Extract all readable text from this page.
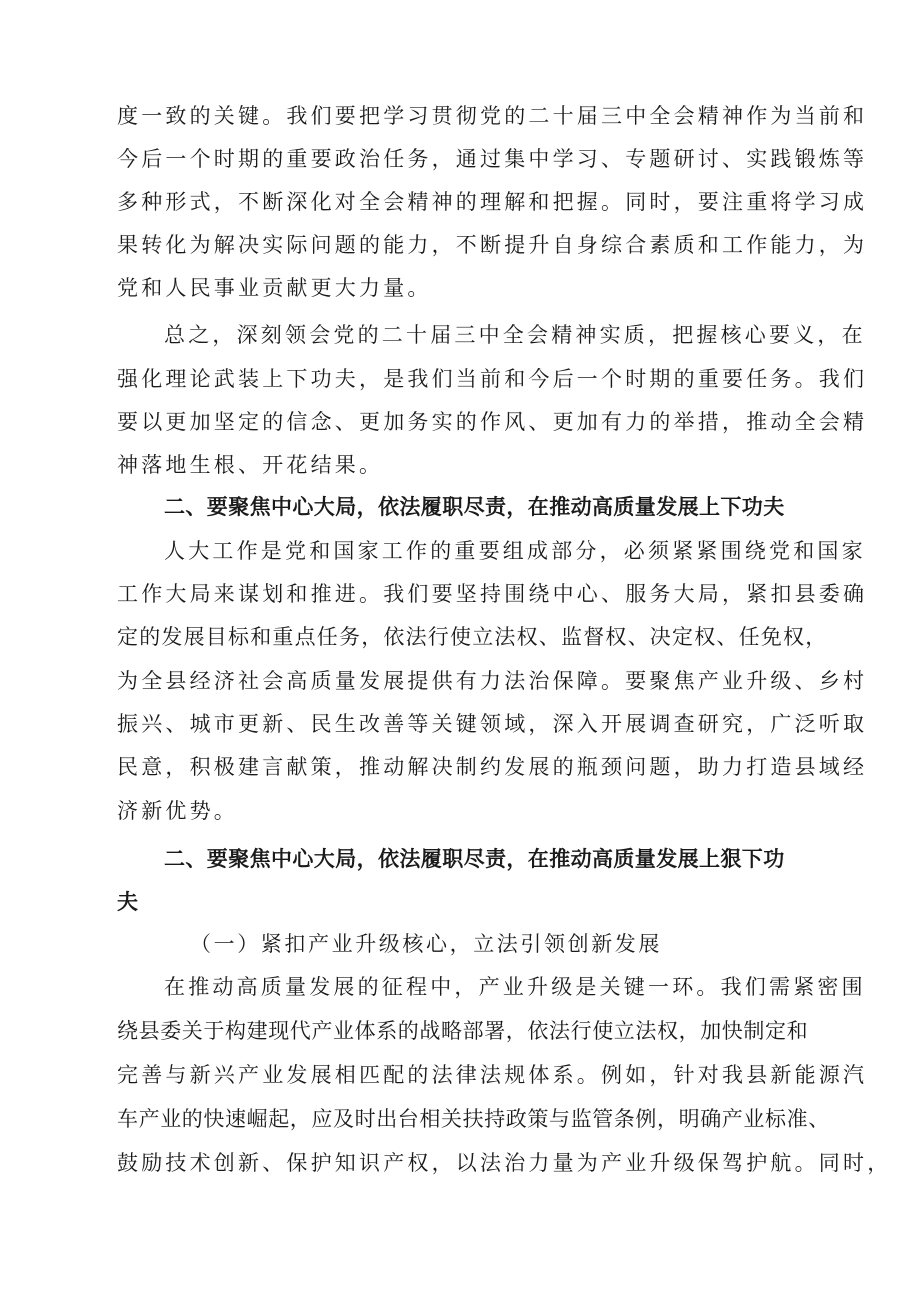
度一致的关键。我们要把学习贯彻党的二十届三中全会精神作为当前和
今后一个时期的重要政治任务，通过集中学习、专题研讨、实践锻炼等
多种形式，不断深化对全会精神的理解和把握。同时，要注重将学习成
果转化为解决实际问题的能力，不断提升自身综合素质和工作能力，为
党和人民事业贡献更大力量。
总之，深刻领会党的二十届三中全会精神实质，把握核心要义，在
强化理论武装上下功夫，是我们当前和今后一个时期的重要任务。我们
要以更加坚定的信念、更加务实的作风、更加有力的举措，推动全会精
神落地生根、开花结果。
二、要聚焦中心大局，依法履职尽责，在推动高质量发展上下功夫
人大工作是党和国家工作的重要组成部分，必须紧紧围绕党和国家
工作大局来谋划和推进。我们要坚持围绕中心、服务大局，紧扣县委确
定的发展目标和重点任务，依法行使立法权、监督权、决定权、任免权，
为全县经济社会高质量发展提供有力法治保障。要聚焦产业升级、乡村
振兴、城市更新、民生改善等关键领域，深入开展调查研究，广泛听取
民意，积极建言献策，推动解决制约发展的瓶颈问题，助力打造县域经
济新优势。
二、要聚焦中心大局，依法履职尽责，在推动高质量发展上狠下功
夫
（一）紧扣产业升级核心，立法引领创新发展
在推动高质量发展的征程中，产业升级是关键一环。我们需紧密围
绕县委关于构建现代产业体系的战略部署，依法行使立法权，加快制定和
完善与新兴产业发展相匹配的法律法规体系。例如，针对我县新能源汽
车产业的快速崛起，应及时出台相关扶持政策与监管条例，明确产业标准、
鼓励技术创新、保护知识产权，以法治力量为产业升级保驾护航。同时，
